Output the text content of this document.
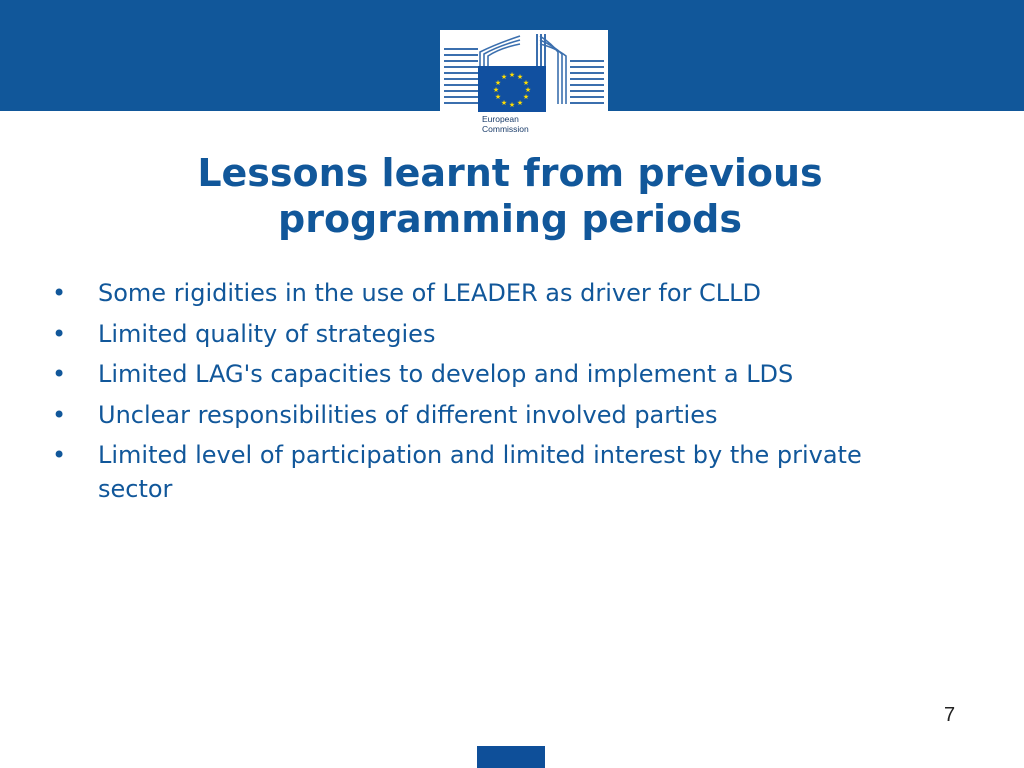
★ ★
★
★
★
★
★
★
★
★
★
★
European
Commission
Lessons learnt from previous programming periods
• Some rigidities in the use of LEADER as driver for CLLD
• Limited quality of strategies
• Limited LAG's capacities to develop and implement a LDS
• Unclear responsibilities of different involved parties
• Limited level of participation and limited interest by the private sector
7
